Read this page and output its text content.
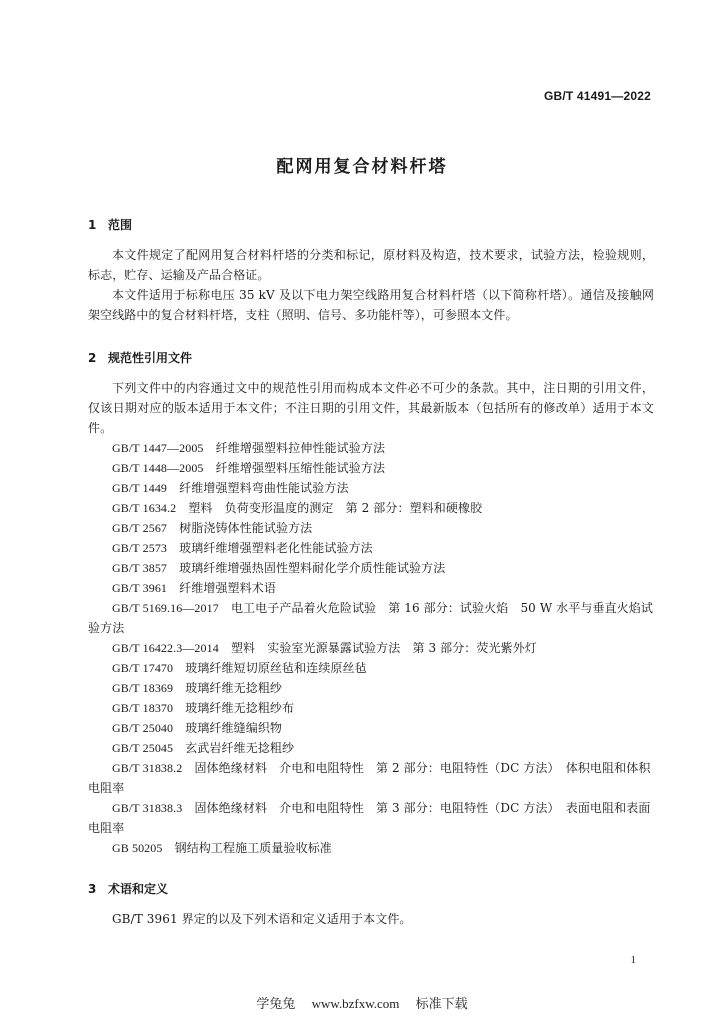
GB/T 41491—2022
配网用复合材料杆塔
1 范围

本文件规定了配网用复合材料杆塔的分类和标记，原材料及构造，技术要求，试验方法，检验规则，标志，贮存、运输及产品合格证。

本文件适用于标称电压 35 kV 及以下电力架空线路用复合材料杆塔（以下简称杆塔）。通信及接触网架空线路中的复合材料杆塔，支柱（照明、信号、多功能杆等），可参照本文件。

2 规范性引用文件

下列文件中的内容通过文中的规范性引用而构成本文件必不可少的条款。其中，注日期的引用文件，仅该日期对应的版本适用于本文件；不注日期的引用文件，其最新版本（包括所有的修改单）适用于本文件。

GB/T 1447—2005　 纤维增强塑料拉伸性能试验方法
GB/T 1448—2005　 纤维增强塑料压缩性能试验方法
GB/T 1449　 纤维增强塑料弯曲性能试验方法
GB/T 1634.2　 塑料　负荷变形温度的测定　第 2 部分：塑料和硬橡胶
GB/T 2567　 树脂浇铸体性能试验方法
GB/T 2573　 玻璃纤维增强塑料老化性能试验方法
GB/T 3857　 玻璃纤维增强热固性塑料耐化学介质性能试验方法
GB/T 3961　 纤维增强塑料术语
GB/T 5169.16—2017　 电工电子产品着火危险试验　第 16 部分：试验火焰　50 W 水平与垂直火焰试验方法
GB/T 16422.3—2014　 塑料　实验室光源暴露试验方法　第 3 部分：荧光紫外灯
GB/T 17470　 玻璃纤维短切原丝毡和连续原丝毡
GB/T 18369　 玻璃纤维无捻粗纱
GB/T 18370　 玻璃纤维无捻粗纱布
GB/T 25040　 玻璃纤维缝编织物
GB/T 25045　 玄武岩纤维无捻粗纱
GB/T 31838.2　 固体绝缘材料　介电和电阻特性　第 2 部分：电阻特性（DC 方法）　体积电阻和体积电阻率
GB/T 31838.3　 固体绝缘材料　介电和电阻特性　第 3 部分：电阻特性（DC 方法）　表面电阻和表面电阻率
GB 50205　 钢结构工程施工质量验收标准
3 术语和定义

GB/T 3961 界定的以及下列术语和定义适用于本文件。

1
学兔兔 www.bzfxw.com 标准下载
